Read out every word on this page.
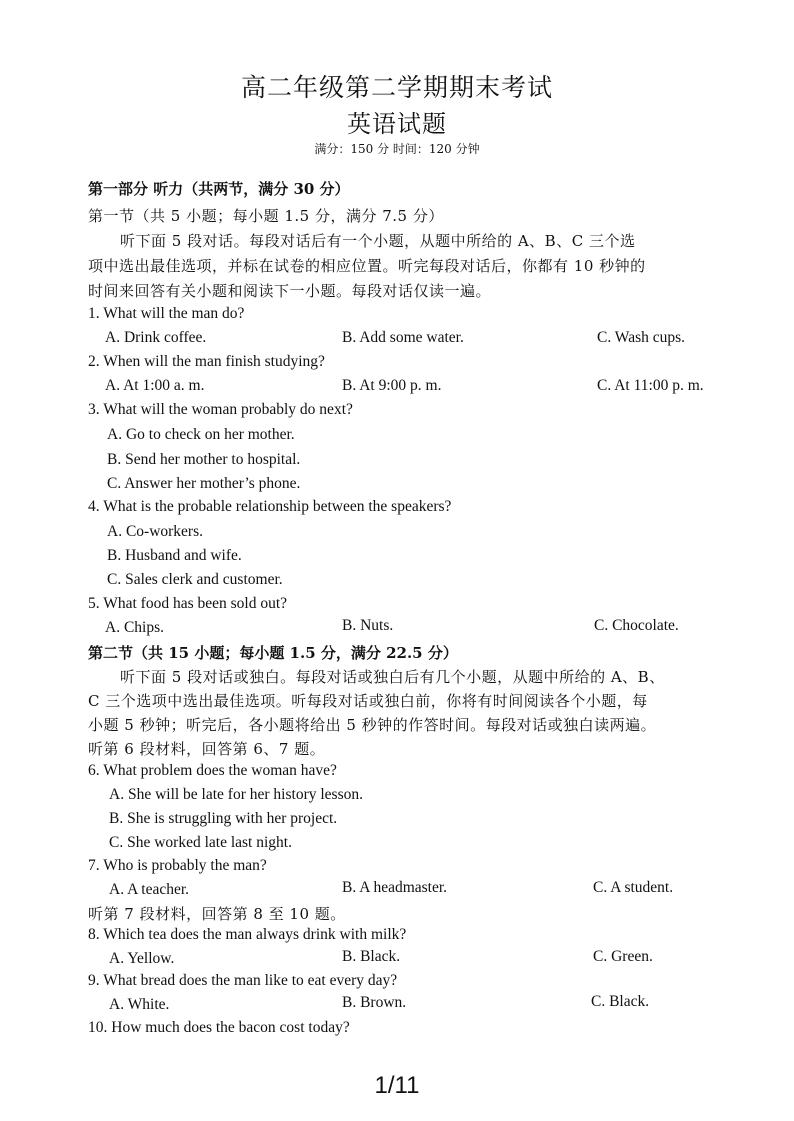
高二年级第二学期期末考试
英语试题
满分：150 分 时间：120 分钟
第一部分 听力（共两节，满分 30 分）
第一节（共 5 小题；每小题 1.5 分，满分 7.5 分）
听下面 5 段对话。每段对话后有一个小题，从题中所给的 A、B、C 三个选
项中选出最佳选项，并标在试卷的相应位置。听完每段对话后，你都有 10 秒钟的
时间来回答有关小题和阅读下一小题。每段对话仅读一遍。
1. What will the man do?
A. Drink coffee.	B. Add some water.	C. Wash cups.
2. When will the man finish studying?
A. At 1:00 a. m.	B. At 9:00 p. m.	C. At 11:00 p. m.
3. What will the woman probably do next?
A. Go to check on her mother.
B. Send her mother to hospital.
C. Answer her mother’s phone.
4. What is the probable relationship between the speakers?
A. Co-workers.
B. Husband and wife.
C. Sales clerk and customer.
5. What food has been sold out?
A. Chips.	B. Nuts.	C. Chocolate.
第二节（共 15 小题；每小题 1.5 分，满分 22.5 分）
听下面 5 段对话或独白。每段对话或独白后有几个小题，从题中所给的 A、B、
C 三个选项中选出最佳选项。听每段对话或独白前，你将有时间阅读各个小题，每
小题 5 秒钟；听完后，各小题将给出 5 秒钟的作答时间。每段对话或独白读两遍。
听第 6 段材料，回答第 6、7 题。
6. What problem does the woman have?
A. She will be late for her history lesson.
B. She is struggling with her project.
C. She worked late last night.
7. Who is probably the man?
A. A teacher.	B. A headmaster.	C. A student.
听第 7 段材料，回答第 8 至 10 题。
8. Which tea does the man always drink with milk?
A. Yellow.	B. Black.	C. Green.
9. What bread does the man like to eat every day?
A. White.	B. Brown.	C. Black.
10. How much does the bacon cost today?
1/11
